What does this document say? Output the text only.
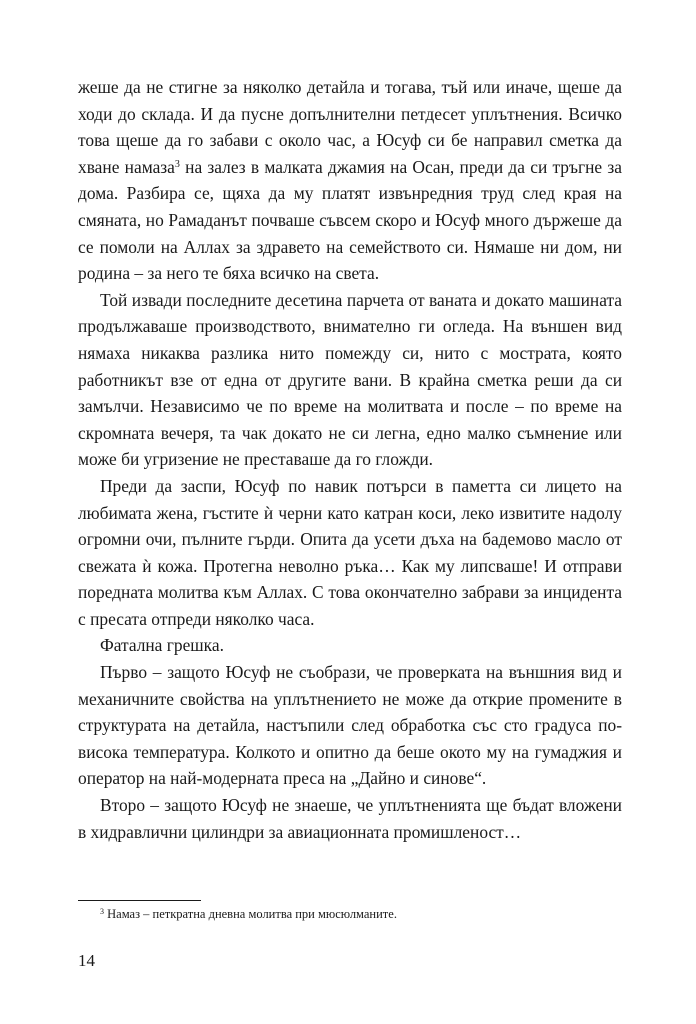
жеше да не стигне за няколко детайла и тогава, тъй или иначе, щеше да ходи до склада. И да пусне допълнителни петдесет уплътнения. Всичко това щеше да го забави с около час, а Юсуф си бе направил сметка да хване намаза$^3$ на залез в малката джамия на Осан, преди да си тръгне за дома. Разбира се, щяха да му платят извънредния труд след края на смяната, но Рамаданът почваше съвсем скоро и Юсуф много държеше да се помоли на Аллах за здравето на семейството си. Нямаше ни дом, ни родина – за него те бяха всичко на света.

Той извади последните десетина парчета от ваната и докато машината продължаваше производството, внимателно ги огледа. На външен вид нямаха никаква разлика нито помежду си, нито с мострата, която работникът взе от една от другите вани. В крайна сметка реши да си замълчи. Независимо че по време на молитвата и после – по време на скромната вечеря, та чак докато не си легна, едно малко съмнение или може би угризение не преставаше да го гложди.

Преди да заспи, Юсуф по навик потърси в паметта си лицето на любимата жена, гъстите ѝ черни като катран коси, леко извитите надолу огромни очи, пълните гърди. Опита да усети дъха на бадемово масло от свежата ѝ кожа. Протегна неволно ръка… Как му липсваше! И отправи поредната молитва към Аллах. С това окончателно забрави за инцидента с пресата отпреди няколко часа.

Фатална грешка.

Първо – защото Юсуф не съобрази, че проверката на външния вид и механичните свойства на уплътнението не може да открие промените в структурата на детайла, настъпили след обработка със сто градуса по-висока температура. Колкото и опитно да беше окото му на гумаджия и оператор на най-модерната преса на „Дайно и синове“.

Второ – защото Юсуф не знаеше, че уплътненията ще бъдат вложени в хидравлични цилиндри за авиационната промишленост…

$^3$ Намаз – петкратна дневна молитва при мюсюлманите.
14
